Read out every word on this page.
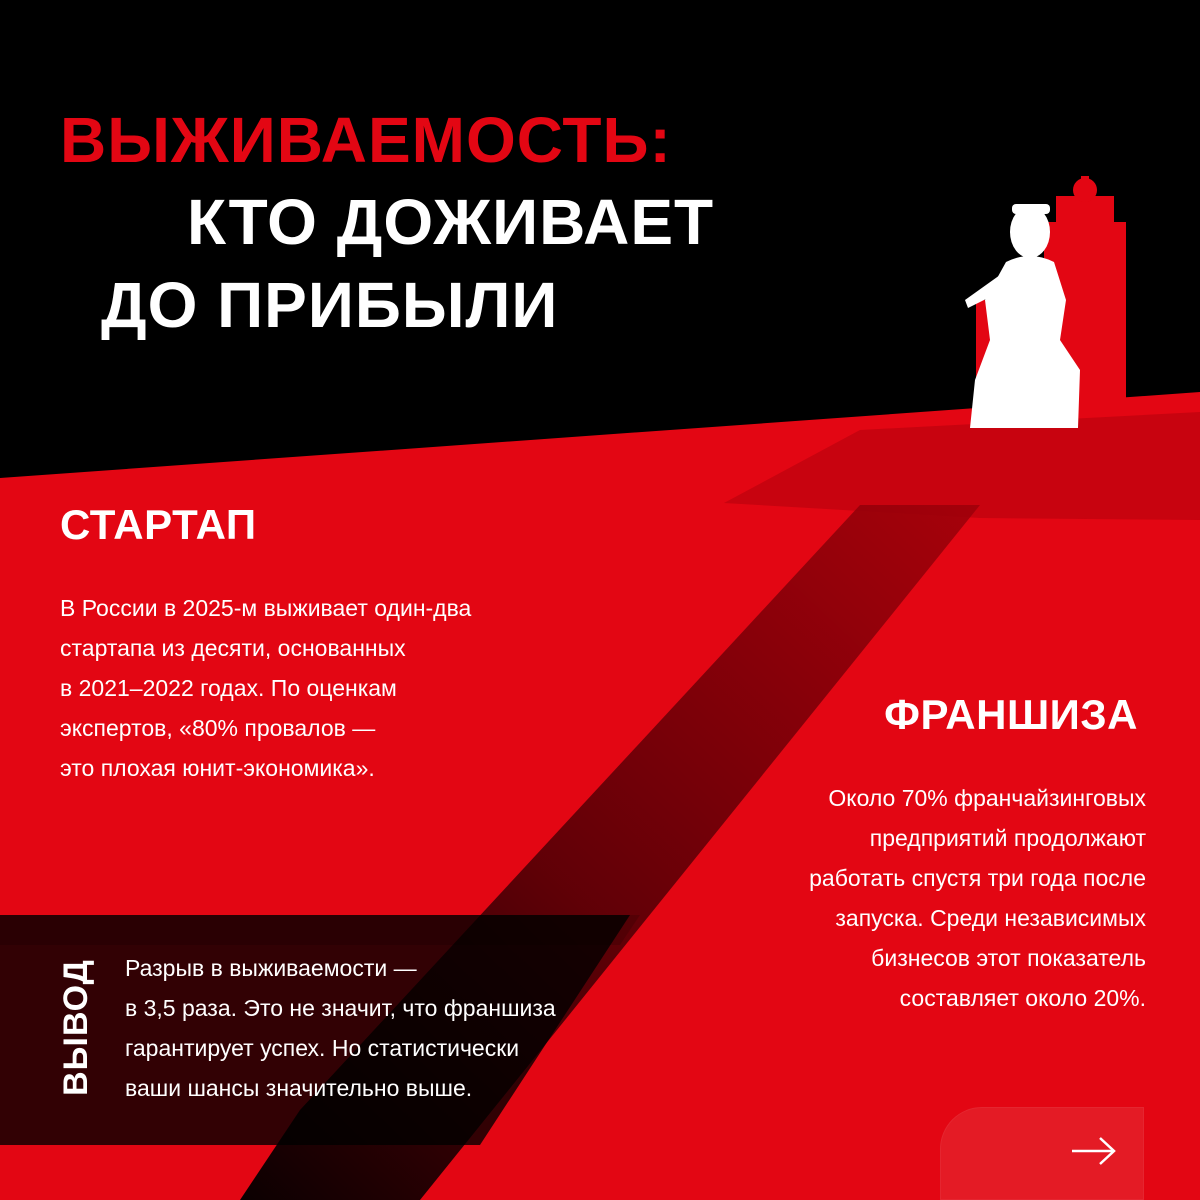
ВЫЖИВАЕМОСТЬ:
КТО ДОЖИВАЕТ
ДО ПРИБЫЛИ
СТАРТАП
В России в 2025-м выживает один-два
стартапа из десяти, основанных
в 2021–2022 годах. По оценкам
экспертов, «80% провалов —
это плохая юнит-экономика».
ФРАНШИЗА
Около 70% франчайзинговых
предприятий продолжают
работать спустя три года после
запуска. Среди независимых
бизнесов этот показатель
составляет около 20%.
ВЫВОД Разрыв в выживаемости —
в 3,5 раза. Это не значит, что франшиза
гарантирует успех. Но статистически
ваши шансы значительно выше.
